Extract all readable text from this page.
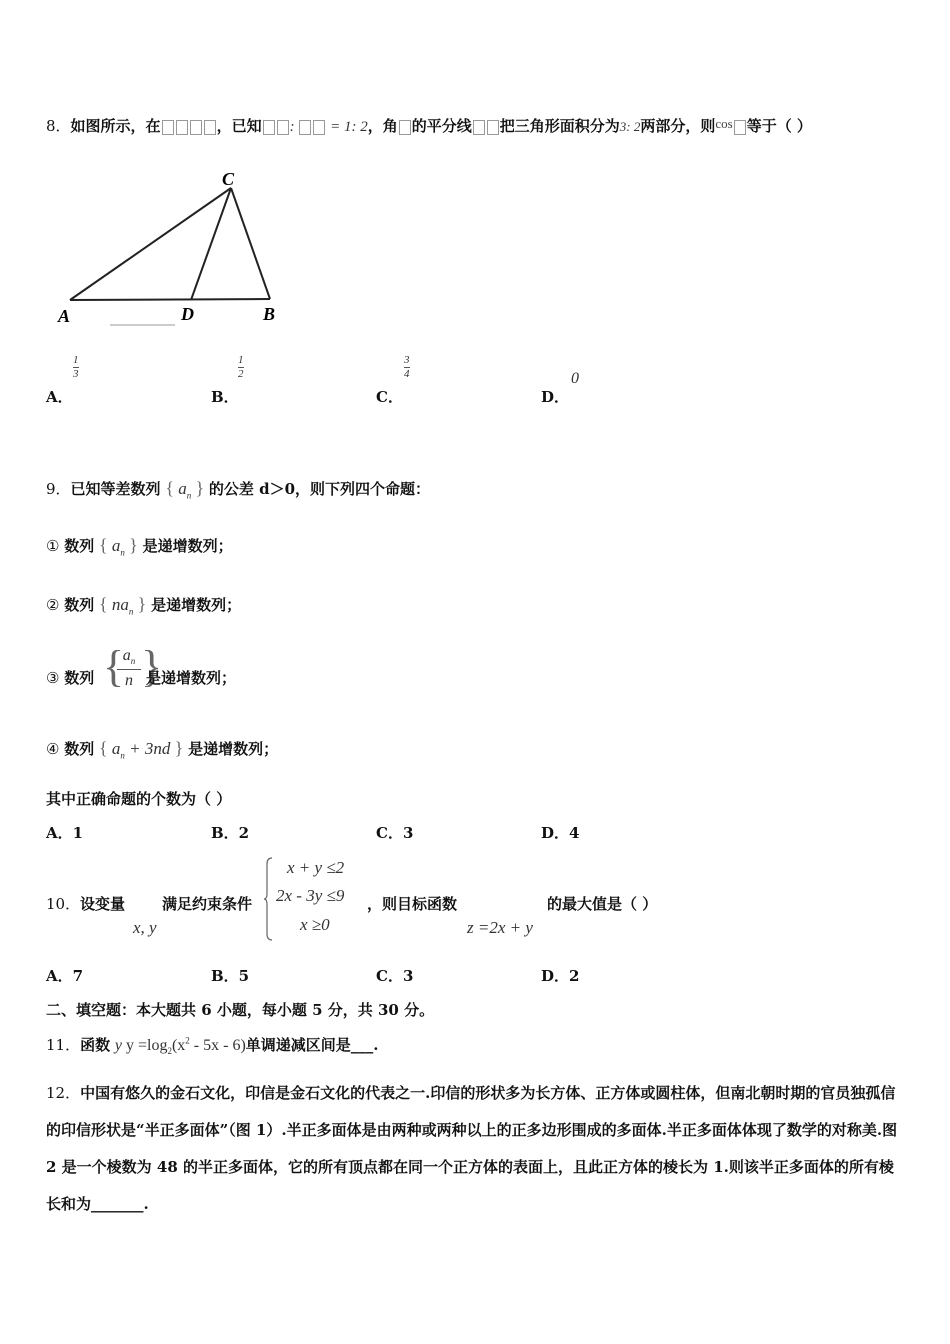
8．如图所示，在	，已知 :  = 1: 2，角 的平分线 把三角形面积分为3: 2两部分，则cos 等于（ ）
C
A	D	B
1
3
A．
1
2
B．
3
4
C．
0
D．
9．已知等差数列 { $a_n$ } 的公差 d＞0，则下列四个命题：
① 数列 { $a_n$ } 是递增数列；
② 数列 { $na_n$ } 是递增数列；
③ 数列 {
$a_n$
n }
是递增数列；
④ 数列 { $a_n + 3nd$ } 是递增数列；
其中正确命题的个数为（ ）
A．1	B．2	C．3	D．4
10． 设变量
x, y
满足约束条件
x + y ≤2
2x - 3y ≤9
x ≥0
，则目标函数
z =2x + y
的最大值是（ ）
A．7	B．5	C．3	D．2
二、填空题：本大题共 6 小题，每小题 5 分，共 30 分。
11．函数 y $y =\log_2(x^2 - 5x - 6)$单调递减区间是___.
12．中国有悠久的金石文化，印信是金石文化的代表之一.印信的形状多为长方体、正方体或圆柱体，但南北朝时期的官员独孤信的印信形状是“半正多面体”（图 1）.半正多面体是由两种或两种以上的正多边形围成的多面体.半正多面体体现了数学的对称美.图 2 是一个棱数为 48 的半正多面体，它的所有顶点都在同一个正方体的表面上，且此正方体的棱长为 1.则该半正多面体的所有棱长和为_______.
